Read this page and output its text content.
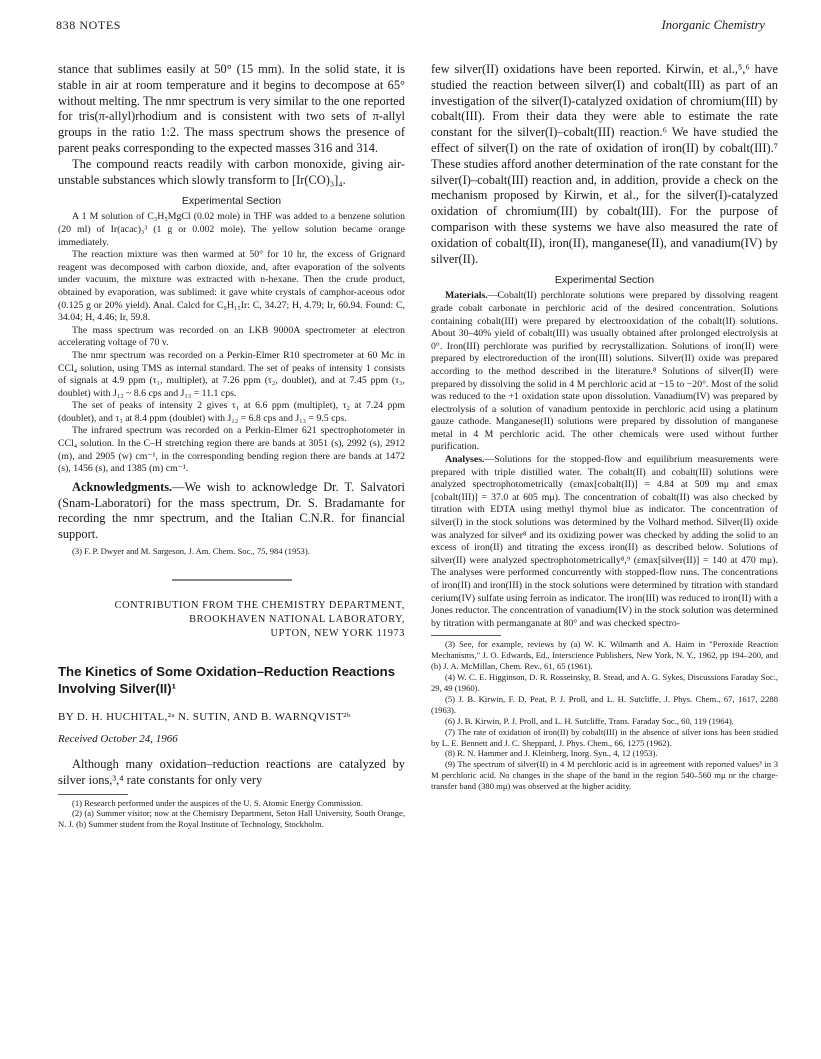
838 NOTES	Inorganic Chemistry

stance that sublimes easily at 50° (15 mm). In the solid state, it is stable in air at room temperature and it begins to decompose at 65° without melting. The nmr spectrum is very similar to the one reported for tris(π-allyl)rhodium and is consistent with two sets of π-allyl groups in the ratio 1:2. The mass spectrum shows the presence of parent peaks corresponding to the expected masses 316 and 314.

The compound reacts readily with carbon monoxide, giving air-unstable substances which slowly transform to [Ir(CO)₃]₄.

Experimental Section

A 1 M solution of C₃H₅MgCl (0.02 mole) in THF was added to a benzene solution (20 ml) of Ir(acac)₃³ (1 g or 0.002 mole). The yellow solution became orange immediately.

The reaction mixture was then warmed at 50° for 10 hr, the excess of Grignard reagent was decomposed with carbon dioxide, and, after evaporation of the solvents under vacuum, the mixture was extracted with n-hexane. Then the crude product, obtained by evaporation, was sublimed: it gave white crystals of camphor-aceous odor (0.125 g or 20% yield). Anal. Calcd for C₉H₁₅Ir: C, 34.27; H, 4.79; Ir, 60.94. Found: C, 34.04; H, 4.46; Ir, 59.8.

The mass spectrum was recorded on an LKB 9000A spectrometer at electron accelerating voltage of 70 v.

The nmr spectrum was recorded on a Perkin-Elmer R10 spectrometer at 60 Mc in CCl₄ solution, using TMS as internal standard. The set of peaks of intensity 1 consists of signals at 4.9 ppm (τ₁, multiplet), at 7.26 ppm (τ₂, doublet), and at 7.45 ppm (τ₃, doublet) with J₁₂ ~ 8.6 cps and J₁₃ = 11.1 cps.

The set of peaks of intensity 2 gives τ₁ at 6.6 ppm (multiplet), τ₂ at 7.24 ppm (doublet), and τ₃ at 8.4 ppm (doublet) with J₁₂ = 6.8 cps and J₁₃ = 9.5 cps.

The infrared spectrum was recorded on a Perkin-Elmer 621 spectrophotometer in CCl₄ solution. In the C–H stretching region there are bands at 3051 (s), 2992 (s), 2912 (m), and 2905 (w) cm⁻¹, in the corresponding bending region there are bands at 1472 (s), 1456 (s), and 1385 (m) cm⁻¹.

Acknowledgments.—We wish to acknowledge Dr. T. Salvatori (Snam-Laboratori) for the mass spectrum, Dr. S. Bradamante for recording the nmr spectrum, and the Italian C.N.R. for financial support.

(3) F. P. Dwyer and M. Sargeson, J. Am. Chem. Soc., 75, 984 (1953).

CONTRIBUTION FROM THE CHEMISTRY DEPARTMENT,
BROOKHAVEN NATIONAL LABORATORY,
UPTON, NEW YORK 11973
The Kinetics of Some Oxidation–Reduction Reactions Involving Silver(II)¹
BY D. H. HUCHITAL,²ᵃ N. SUTIN, AND B. WARNQVIST²ᵇ
Received October 24, 1966

Although many oxidation–reduction reactions are catalyzed by silver ions,³,⁴ rate constants for only very

(1) Research performed under the auspices of the U. S. Atomic Energy Commission.

(2) (a) Summer visitor; now at the Chemistry Department, Seton Hall University, South Orange, N. J. (b) Summer student from the Royal Institute of Technology, Stockholm.

few silver(II) oxidations have been reported. Kirwin, et al.,⁵,⁶ have studied the reaction between silver(I) and cobalt(III) as part of an investigation of the silver(I)-catalyzed oxidation of chromium(III) by cobalt(III). From their data they were able to estimate the rate constant for the silver(I)–cobalt(III) reaction.⁶ We have studied the effect of silver(I) on the rate of oxidation of iron(II) by cobalt(III).⁷ These studies afford another determination of the rate constant for the silver(I)–cobalt(III) reaction and, in addition, provide a check on the mechanism proposed by Kirwin, et al., for the silver(I)-catalyzed oxidation of chromium(III) by cobalt(III). For the purpose of comparison with these systems we have also measured the rate of oxidation of cobalt(II), iron(II), manganese(II), and vanadium(IV) by silver(II).

Experimental Section

Materials.—Cobalt(II) perchlorate solutions were prepared by dissolving reagent grade cobalt carbonate in perchloric acid of the desired concentration. Solutions containing cobalt(III) were prepared by electrooxidation of the cobalt(II) solutions. About 30–40% yield of cobalt(III) was usually obtained after prolonged electrolysis at 0°. Iron(III) perchlorate was purified by recrystallization. Solutions of iron(II) were prepared by electroreduction of the iron(III) solutions. Silver(II) oxide was prepared according to the method described in the literature.⁸ Solutions of silver(II) were prepared by dissolving the solid in 4 M perchloric acid at −15 to −20°. Most of the solid was reduced to the +1 oxidation state upon dissolution. Vanadium(IV) was prepared by electrolysis of a solution of vanadium pentoxide in perchloric acid using a platinum gauze cathode. Manganese(II) solutions were prepared by dissolution of manganese metal in 4 M perchloric acid. The other chemicals were used without further purification.

Analyses.—Solutions for the stopped-flow and equilibrium measurements were prepared with triple distilled water. The cobalt(II) and cobalt(III) solutions were analyzed spectrophotometrically (εmax[cobalt(II)] = 4.84 at 509 mμ and εmax [cobalt(III)] = 37.0 at 605 mμ). The concentration of cobalt(II) was also checked by titration with EDTA using methyl thymol blue as indicator. The concentration of silver(I) in the stock solutions was determined by the Volhard method. Silver(II) oxide was analyzed for silver⁸ and its oxidizing power was checked by adding the solid to an excess of iron(II) and titrating the excess iron(II) as described below. Solutions of silver(II) were analyzed spectrophotometrically⁸,⁹ (εmax[silver(II)] = 140 at 470 mμ). The analyses were performed concurrently with stopped-flow runs. The concentrations of iron(II) and iron(III) in the stock solutions were determined by titration with standard cerium(IV) sulfate using ferroin as indicator. The iron(III) was reduced to iron(II) with a Jones reductor. The concentration of vanadium(IV) in the stock solution was determined by titration with permanganate at 80° and was checked spectro-

(3) See, for example, reviews by (a) W. K. Wilmarth and A. Haim in "Peroxide Reaction Mechanisms," J. O. Edwards, Ed., Interscience Publishers, New York, N. Y., 1962, pp 194–200, and (b) J. A. McMillan, Chem. Rev., 61, 65 (1961).

(4) W. C. E. Higginson, D. R. Rosseinsky, B. Stead, and A. G. Sykes, Discussions Faraday Soc., 29, 49 (1960).

(5) J. B. Kirwin, F. D. Peat, P. J. Proll, and L. H. Sutcliffe, J. Phys. Chem., 67, 1617, 2288 (1963).

(6) J. B. Kirwin, P. J. Proll, and L. H. Sutcliffe, Trans. Faraday Soc., 60, 119 (1964).

(7) The rate of oxidation of iron(II) by cobalt(III) in the absence of silver ions has been studied by L. E. Bennett and J. C. Sheppard, J. Phys. Chem., 66, 1275 (1962).

(8) R. N. Hammer and J. Kleinberg, Inorg. Syn., 4, 12 (1953).

(9) The spectrum of silver(II) in 4 M perchloric acid is in agreement with reported values³ in 3 M perchloric acid. No changes in the shape of the band in the region 540–560 mμ or the charge-transfer band (380 mμ) was observed at the higher acidity.
